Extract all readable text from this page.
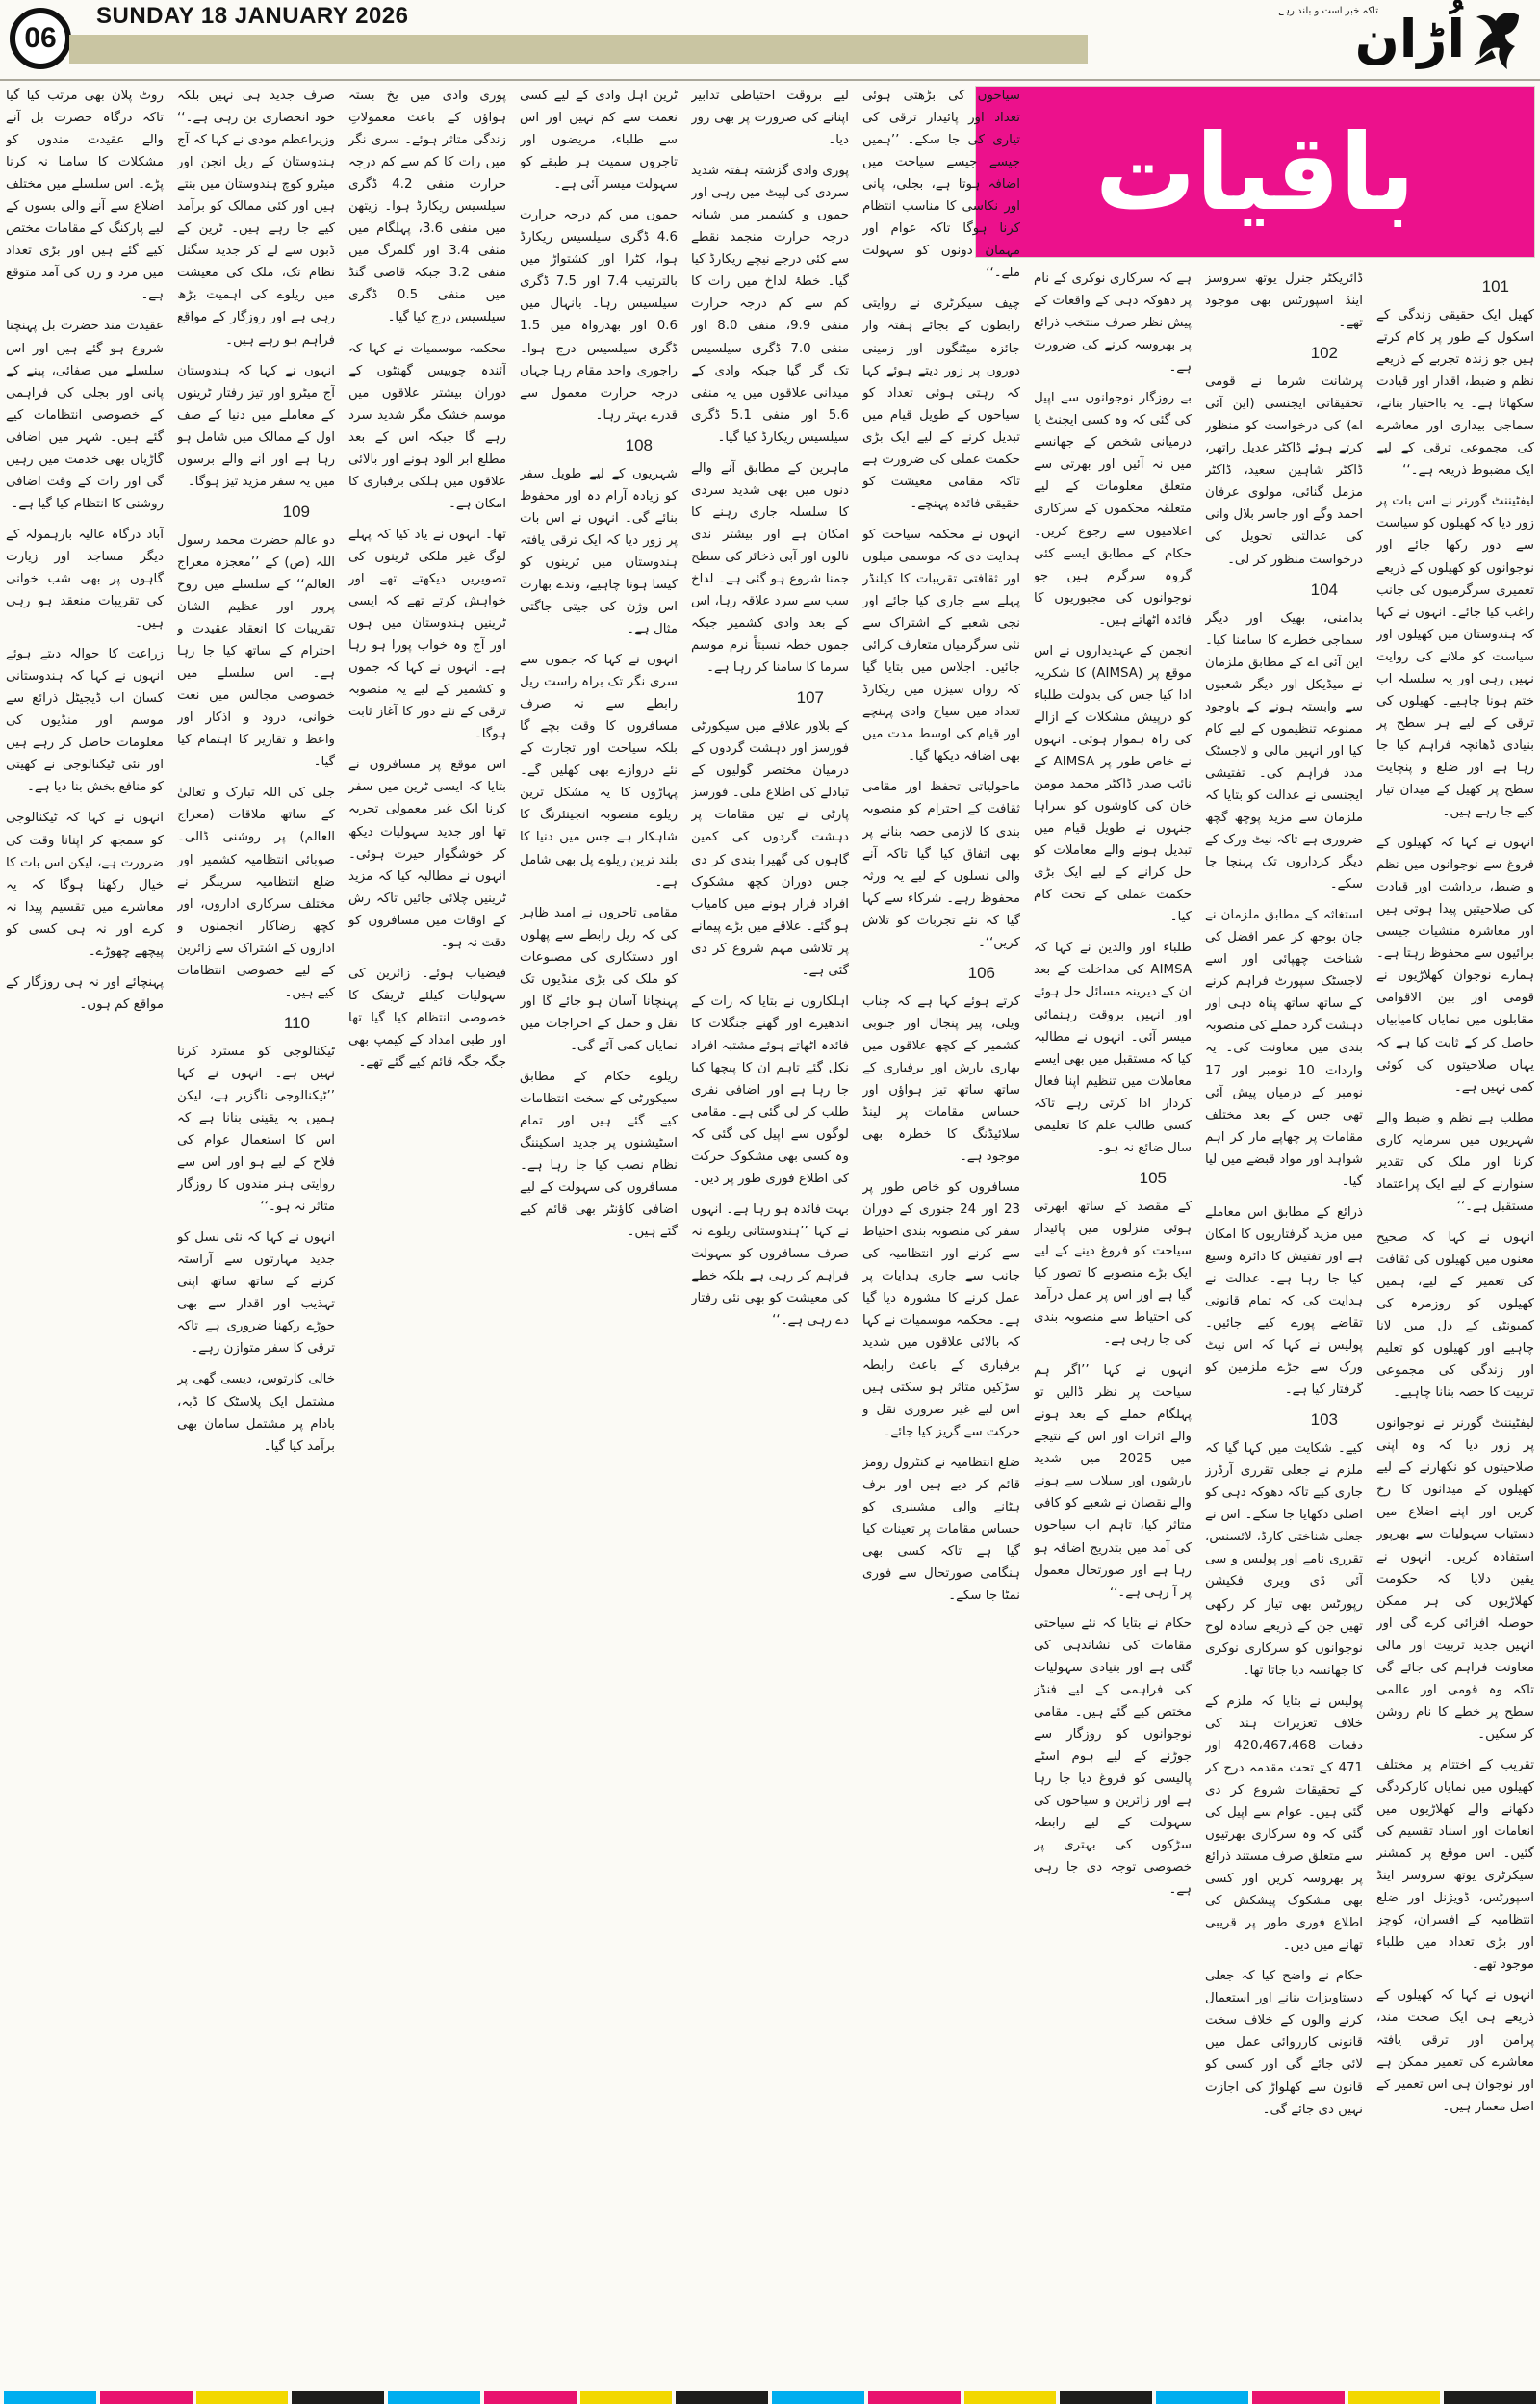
06
SUNDAY 18 JANUARY 2026	تاکہ خبر است و بلند رہے
اُڑان
باقیات
101

کھیل ایک حقیقی زندگی کے اسکول کے طور پر کام کرتے ہیں جو زندہ تجربے کے ذریعے نظم و ضبط، اقدار اور قیادت سکھاتا ہے۔ یہ بااختیار بنانے، سماجی بیداری اور معاشرے کی مجموعی ترقی کے لیے ایک مضبوط ذریعہ ہے۔‘‘

لیفٹیننٹ گورنر نے اس بات پر زور دیا کہ کھیلوں کو سیاست سے دور رکھا جائے اور نوجوانوں کو کھیلوں کے ذریعے تعمیری سرگرمیوں کی جانب راغب کیا جائے۔ انہوں نے کہا کہ ہندوستان میں کھیلوں اور سیاست کو ملانے کی روایت نہیں رہی اور یہ سلسلہ اب ختم ہونا چاہیے۔ کھیلوں کی ترقی کے لیے ہر سطح پر بنیادی ڈھانچہ فراہم کیا جا رہا ہے اور ضلع و پنچایت سطح پر کھیل کے میدان تیار کیے جا رہے ہیں۔

انہوں نے کہا کہ کھیلوں کے فروغ سے نوجوانوں میں نظم و ضبط، برداشت اور قیادت کی صلاحیتیں پیدا ہوتی ہیں اور معاشرہ منشیات جیسی برائیوں سے محفوظ رہتا ہے۔ ہمارے نوجوان کھلاڑیوں نے قومی اور بین الاقوامی مقابلوں میں نمایاں کامیابیاں حاصل کر کے ثابت کیا ہے کہ یہاں صلاحیتوں کی کوئی کمی نہیں ہے۔

مطلب ہے نظم و ضبط والے شہریوں میں سرمایہ کاری کرنا اور ملک کی تقدیر سنوارنے کے لیے ایک پراعتماد مستقبل ہے۔‘‘

انہوں نے کہا کہ صحیح معنوں میں کھیلوں کی ثقافت کی تعمیر کے لیے، ہمیں کھیلوں کو روزمرہ کی کمیونٹی کے دل میں لانا چاہیے اور کھیلوں کو تعلیم اور زندگی کی مجموعی تربیت کا حصہ بنانا چاہیے۔

لیفٹیننٹ گورنر نے نوجوانوں پر زور دیا کہ وہ اپنی صلاحیتوں کو نکھارنے کے لیے کھیلوں کے میدانوں کا رخ کریں اور اپنے اضلاع میں دستیاب سہولیات سے بھرپور استفادہ کریں۔ انہوں نے یقین دلایا کہ حکومت کھلاڑیوں کی ہر ممکن حوصلہ افزائی کرے گی اور انہیں جدید تربیت اور مالی معاونت فراہم کی جائے گی تاکہ وہ قومی اور عالمی سطح پر خطے کا نام روشن کر سکیں۔

تقریب کے اختتام پر مختلف کھیلوں میں نمایاں کارکردگی دکھانے والے کھلاڑیوں میں انعامات اور اسناد تقسیم کی گئیں۔ اس موقع پر کمشنر سیکرٹری یوتھ سروسز اینڈ اسپورٹس، ڈویژنل اور ضلع انتظامیہ کے افسران، کوچز اور بڑی تعداد میں طلباء موجود تھے۔

انہوں نے کہا کہ کھیلوں کے ذریعے ہی ایک صحت مند، پرامن اور ترقی یافتہ معاشرے کی تعمیر ممکن ہے اور نوجوان ہی اس تعمیر کے اصل معمار ہیں۔

ڈائریکٹر جنرل یوتھ سروسز اینڈ اسپورٹس بھی موجود تھے۔

102

پرشانت شرما نے قومی تحقیقاتی ایجنسی (این آئی اے) کی درخواست کو منظور کرتے ہوئے ڈاکٹر عدیل راتھر، ڈاکٹر شاہین سعید، ڈاکٹر مزمل گنائی، مولوی عرفان احمد وگے اور جاسر بلال وانی کی عدالتی تحویل کی درخواست منظور کر لی۔

104

بدامنی، بھیک اور دیگر سماجی خطرے کا سامنا کیا۔ این آئی اے کے مطابق ملزمان نے میڈیکل اور دیگر شعبوں سے وابستہ ہونے کے باوجود ممنوعہ تنظیموں کے لیے کام کیا اور انہیں مالی و لاجسٹک مدد فراہم کی۔ تفتیشی ایجنسی نے عدالت کو بتایا کہ ملزمان سے مزید پوچھ گچھ ضروری ہے تاکہ نیٹ ورک کے دیگر کرداروں تک پہنچا جا سکے۔

استغاثہ کے مطابق ملزمان نے جان بوجھ کر عمر افضل کی شناخت چھپائی اور اسے لاجسٹک سپورٹ فراہم کرنے کے ساتھ ساتھ پناہ دہی اور دہشت گرد حملے کی منصوبہ بندی میں معاونت کی۔ یہ واردات 10 نومبر اور 17 نومبر کے درمیان پیش آئی تھی جس کے بعد مختلف مقامات پر چھاپے مار کر اہم شواہد اور مواد قبضے میں لیا گیا۔

ذرائع کے مطابق اس معاملے میں مزید گرفتاریوں کا امکان ہے اور تفتیش کا دائرہ وسیع کیا جا رہا ہے۔ عدالت نے ہدایت کی کہ تمام قانونی تقاضے پورے کیے جائیں۔ پولیس نے کہا کہ اس نیٹ ورک سے جڑے ملزمین کو گرفتار کیا ہے۔

103

کیے۔ شکایت میں کہا گیا کہ ملزم نے جعلی تقرری آرڈرز جاری کیے تاکہ دھوکہ دہی کو اصلی دکھایا جا سکے۔ اس نے جعلی شناختی کارڈ، لائسنس، تقرری نامے اور پولیس و سی آئی ڈی ویری فکیشن رپورٹس بھی تیار کر رکھی تھیں جن کے ذریعے سادہ لوح نوجوانوں کو سرکاری نوکری کا جھانسہ دیا جاتا تھا۔

پولیس نے بتایا کہ ملزم کے خلاف تعزیرات ہند کی دفعات 420،467،468 اور 471 کے تحت مقدمہ درج کر کے تحقیقات شروع کر دی گئی ہیں۔ عوام سے اپیل کی گئی کہ وہ سرکاری بھرتیوں سے متعلق صرف مستند ذرائع پر بھروسہ کریں اور کسی بھی مشکوک پیشکش کی اطلاع فوری طور پر قریبی تھانے میں دیں۔

حکام نے واضح کیا کہ جعلی دستاویزات بنانے اور استعمال کرنے والوں کے خلاف سخت قانونی کارروائی عمل میں لائی جائے گی اور کسی کو قانون سے کھلواڑ کی اجازت نہیں دی جائے گی۔

ہے کہ سرکاری نوکری کے نام پر دھوکہ دہی کے واقعات کے پیش نظر صرف منتخب ذرائع پر بھروسہ کرنے کی ضرورت ہے۔

بے روزگار نوجوانوں سے اپیل کی گئی کہ وہ کسی ایجنٹ یا درمیانی شخص کے جھانسے میں نہ آئیں اور بھرتی سے متعلق معلومات کے لیے متعلقہ محکموں کے سرکاری اعلامیوں سے رجوع کریں۔ حکام کے مطابق ایسے کئی گروہ سرگرم ہیں جو نوجوانوں کی مجبوریوں کا فائدہ اٹھاتے ہیں۔

انجمن کے عہدیداروں نے اس موقع پر (AIMSA) کا شکریہ ادا کیا جس کی بدولت طلباء کو درپیش مشکلات کے ازالے کی راہ ہموار ہوئی۔ انہوں نے خاص طور پر AIMSA کے نائب صدر ڈاکٹر محمد مومن خان کی کاوشوں کو سراہا جنہوں نے طویل قیام میں تبدیل ہونے والے معاملات کو حل کرانے کے لیے ایک بڑی حکمت عملی کے تحت کام کیا۔

طلباء اور والدین نے کہا کہ AIMSA کی مداخلت کے بعد ان کے دیرینہ مسائل حل ہوئے اور انہیں بروقت رہنمائی میسر آئی۔ انہوں نے مطالبہ کیا کہ مستقبل میں بھی ایسے معاملات میں تنظیم اپنا فعال کردار ادا کرتی رہے تاکہ کسی طالب علم کا تعلیمی سال ضائع نہ ہو۔

105

کے مقصد کے ساتھ ابھرتی ہوئی منزلوں میں پائیدار سیاحت کو فروغ دینے کے لیے ایک بڑے منصوبے کا تصور کیا گیا ہے اور اس پر عمل درآمد کی احتیاط سے منصوبہ بندی کی جا رہی ہے۔

انہوں نے کہا ’’اگر ہم سیاحت پر نظر ڈالیں تو پہلگام حملے کے بعد ہونے والے اثرات اور اس کے نتیجے میں 2025 میں شدید بارشوں اور سیلاب سے ہونے والے نقصان نے شعبے کو کافی متاثر کیا، تاہم اب سیاحوں کی آمد میں بتدریج اضافہ ہو رہا ہے اور صورتحال معمول پر آ رہی ہے۔‘‘

حکام نے بتایا کہ نئے سیاحتی مقامات کی نشاندہی کی گئی ہے اور بنیادی سہولیات کی فراہمی کے لیے فنڈز مختص کیے گئے ہیں۔ مقامی نوجوانوں کو روزگار سے جوڑنے کے لیے ہوم اسٹے پالیسی کو فروغ دیا جا رہا ہے اور زائرین و سیاحوں کی سہولت کے لیے رابطہ سڑکوں کی بہتری پر خصوصی توجہ دی جا رہی ہے۔

سیاحوں کی بڑھتی ہوئی تعداد اور پائیدار ترقی کی تیاری کی جا سکے۔ ’’ہمیں جیسے جیسے سیاحت میں اضافہ ہوتا ہے، بجلی، پانی اور نکاسی کا مناسب انتظام کرنا ہوگا تاکہ عوام اور مہمان دونوں کو سہولت ملے۔‘‘

چیف سیکرٹری نے روایتی رابطوں کے بجائے ہفتہ وار جائزہ میٹنگوں اور زمینی دوروں پر زور دیتے ہوئے کہا کہ رہتی ہوئی تعداد کو سیاحوں کے طویل قیام میں تبدیل کرنے کے لیے ایک بڑی حکمت عملی کی ضرورت ہے تاکہ مقامی معیشت کو حقیقی فائدہ پہنچے۔

انہوں نے محکمہ سیاحت کو ہدایت دی کہ موسمی میلوں اور ثقافتی تقریبات کا کیلنڈر پہلے سے جاری کیا جائے اور نجی شعبے کے اشتراک سے نئی سرگرمیاں متعارف کرائی جائیں۔ اجلاس میں بتایا گیا کہ رواں سیزن میں ریکارڈ تعداد میں سیاح وادی پہنچے اور قیام کی اوسط مدت میں بھی اضافہ دیکھا گیا۔

ماحولیاتی تحفظ اور مقامی ثقافت کے احترام کو منصوبہ بندی کا لازمی حصہ بنانے پر بھی اتفاق کیا گیا تاکہ آنے والی نسلوں کے لیے یہ ورثہ محفوظ رہے۔ شرکاء سے کہا گیا کہ نئے تجربات کو تلاش کریں‘‘۔

106

کرتے ہوئے کہا ہے کہ چناب ویلی، پیر پنجال اور جنوبی کشمیر کے کچھ علاقوں میں بھاری بارش اور برفباری کے ساتھ ساتھ تیز ہواؤں اور حساس مقامات پر لینڈ سلائیڈنگ کا خطرہ بھی موجود ہے۔

مسافروں کو خاص طور پر 23 اور 24 جنوری کے دوران سفر کی منصوبہ بندی احتیاط سے کرنے اور انتظامیہ کی جانب سے جاری ہدایات پر عمل کرنے کا مشورہ دیا گیا ہے۔ محکمہ موسمیات نے کہا کہ بالائی علاقوں میں شدید برفباری کے باعث رابطہ سڑکیں متاثر ہو سکتی ہیں اس لیے غیر ضروری نقل و حرکت سے گریز کیا جائے۔

ضلع انتظامیہ نے کنٹرول رومز قائم کر دیے ہیں اور برف ہٹانے والی مشینری کو حساس مقامات پر تعینات کیا گیا ہے تاکہ کسی بھی ہنگامی صورتحال سے فوری نمٹا جا سکے۔

لیے بروقت احتیاطی تدابیر اپنانے کی ضرورت پر بھی زور دیا۔

پوری وادی گزشتہ ہفتہ شدید سردی کی لپیٹ میں رہی اور جموں و کشمیر میں شبانہ درجہ حرارت منجمد نقطے سے کئی درجے نیچے ریکارڈ کیا گیا۔ خطۂ لداخ میں رات کا کم سے کم درجہ حرارت منفی 9.9، منفی 8.0 اور منفی 7.0 ڈگری سیلسیس تک گر گیا جبکہ وادی کے میدانی علاقوں میں یہ منفی 5.6 اور منفی 5.1 ڈگری سیلسیس ریکارڈ کیا گیا۔

ماہرین کے مطابق آنے والے دنوں میں بھی شدید سردی کا سلسلہ جاری رہنے کا امکان ہے اور بیشتر ندی نالوں اور آبی ذخائر کی سطح جمنا شروع ہو گئی ہے۔ لداخ سب سے سرد علاقہ رہا، اس کے بعد وادی کشمیر جبکہ جموں خطہ نسبتاً نرم موسم سرما کا سامنا کر رہا ہے۔

107

کے بلاور علاقے میں سیکورٹی فورسز اور دہشت گردوں کے درمیان مختصر گولیوں کے تبادلے کی اطلاع ملی۔ فورسز پارٹی نے تین مقامات پر دہشت گردوں کی کمین گاہوں کی گھیرا بندی کر دی جس دوران کچھ مشکوک افراد فرار ہونے میں کامیاب ہو گئے۔ علاقے میں بڑے پیمانے پر تلاشی مہم شروع کر دی گئی ہے۔

اہلکاروں نے بتایا کہ رات کے اندھیرے اور گھنے جنگلات کا فائدہ اٹھاتے ہوئے مشتبہ افراد نکل گئے تاہم ان کا پیچھا کیا جا رہا ہے اور اضافی نفری طلب کر لی گئی ہے۔ مقامی لوگوں سے اپیل کی گئی کہ وہ کسی بھی مشکوک حرکت کی اطلاع فوری طور پر دیں۔

بہت فائدہ ہو رہا ہے۔ انہوں نے کہا ’’ہندوستانی ریلوے نہ صرف مسافروں کو سہولت فراہم کر رہی ہے بلکہ خطے کی معیشت کو بھی نئی رفتار دے رہی ہے۔‘‘

ٹرین اہل وادی کے لیے کسی نعمت سے کم نہیں اور اس سے طلباء، مریضوں اور تاجروں سمیت ہر طبقے کو سہولت میسر آئی ہے۔

جموں میں کم درجہ حرارت 4.6 ڈگری سیلسیس ریکارڈ ہوا، کٹرا اور کشتواڑ میں بالترتیب 7.4 اور 7.5 ڈگری سیلسیس رہا۔ بانہال میں 0.6 اور بھدرواہ میں 1.5 ڈگری سیلسیس درج ہوا۔ راجوری واحد مقام رہا جہاں درجہ حرارت معمول سے قدرے بہتر رہا۔

108

شہریوں کے لیے طویل سفر کو زیادہ آرام دہ اور محفوظ بنائے گی۔ انہوں نے اس بات پر زور دیا کہ ایک ترقی یافتہ ہندوستان میں ٹرینوں کو کیسا ہونا چاہیے، وندے بھارت اس وژن کی جیتی جاگتی مثال ہے۔

انہوں نے کہا کہ جموں سے سری نگر تک براہ راست ریل رابطے سے نہ صرف مسافروں کا وقت بچے گا بلکہ سیاحت اور تجارت کے نئے دروازے بھی کھلیں گے۔ پہاڑوں کا یہ مشکل ترین ریلوے منصوبہ انجینئرنگ کا شاہکار ہے جس میں دنیا کا بلند ترین ریلوے پل بھی شامل ہے۔

مقامی تاجروں نے امید ظاہر کی کہ ریل رابطے سے پھلوں اور دستکاری کی مصنوعات کو ملک کی بڑی منڈیوں تک پہنچانا آسان ہو جائے گا اور نقل و حمل کے اخراجات میں نمایاں کمی آئے گی۔

ریلوے حکام کے مطابق سیکورٹی کے سخت انتظامات کیے گئے ہیں اور تمام اسٹیشنوں پر جدید اسکیننگ نظام نصب کیا جا رہا ہے۔ مسافروں کی سہولت کے لیے اضافی کاؤنٹر بھی قائم کیے گئے ہیں۔

پوری وادی میں یخ بستہ ہواؤں کے باعث معمولاتِ زندگی متاثر ہوئے۔ سری نگر میں رات کا کم سے کم درجہ حرارت منفی 4.2 ڈگری سیلسیس ریکارڈ ہوا۔ زیتھن میں منفی 3.6، پہلگام میں منفی 3.4 اور گلمرگ میں منفی 3.2 جبکہ قاضی گنڈ میں منفی 0.5 ڈگری سیلسیس درج کیا گیا۔

محکمہ موسمیات نے کہا کہ آئندہ چوبیس گھنٹوں کے دوران بیشتر علاقوں میں موسم خشک مگر شدید سرد رہے گا جبکہ اس کے بعد مطلع ابر آلود ہونے اور بالائی علاقوں میں ہلکی برفباری کا امکان ہے۔

تھا۔ انہوں نے یاد کیا کہ پہلے لوگ غیر ملکی ٹرینوں کی تصویریں دیکھتے تھے اور خواہش کرتے تھے کہ ایسی ٹرینیں ہندوستان میں ہوں اور آج وہ خواب پورا ہو رہا ہے۔ انہوں نے کہا کہ جموں و کشمیر کے لیے یہ منصوبہ ترقی کے نئے دور کا آغاز ثابت ہوگا۔

اس موقع پر مسافروں نے بتایا کہ ایسی ٹرین میں سفر کرنا ایک غیر معمولی تجربہ تھا اور جدید سہولیات دیکھ کر خوشگوار حیرت ہوئی۔ انہوں نے مطالبہ کیا کہ مزید ٹرینیں چلائی جائیں تاکہ رش کے اوقات میں مسافروں کو دقت نہ ہو۔

فیضیاب ہوئے۔ زائرین کی سہولیات کیلئے ٹریفک کا خصوصی انتظام کیا گیا تھا اور طبی امداد کے کیمپ بھی جگہ جگہ قائم کیے گئے تھے۔

صرف جدید ہی نہیں بلکہ خود انحصاری بن رہی ہے۔‘‘ وزیراعظم مودی نے کہا کہ آج ہندوستان کے ریل انجن اور میٹرو کوچ ہندوستان میں بنتے ہیں اور کئی ممالک کو برآمد کیے جا رہے ہیں۔ ٹرین کے ڈبوں سے لے کر جدید سگنل نظام تک، ملک کی معیشت میں ریلوے کی اہمیت بڑھ رہی ہے اور روزگار کے مواقع فراہم ہو رہے ہیں۔

انہوں نے کہا کہ ہندوستان آج میٹرو اور تیز رفتار ٹرینوں کے معاملے میں دنیا کے صف اول کے ممالک میں شامل ہو رہا ہے اور آنے والے برسوں میں یہ سفر مزید تیز ہوگا۔

109

دو عالم حضرت محمد رسول اللہ (ص) کے ’’معجزہ معراج العالم‘‘ کے سلسلے میں روح پرور اور عظیم الشان تقریبات کا انعقاد عقیدت و احترام کے ساتھ کیا جا رہا ہے۔ اس سلسلے میں خصوصی مجالس میں نعت خوانی، درود و اذکار اور واعظ و تقاریر کا اہتمام کیا گیا۔

جلی کی اللہ تبارک و تعالیٰ کے ساتھ ملاقات (معراج العالم) پر روشنی ڈالی۔ صوبائی انتظامیہ کشمیر اور ضلع انتظامیہ سرینگر نے مختلف سرکاری اداروں، اور کچھ رضاکار انجمنوں و اداروں کے اشتراک سے زائرین کے لیے خصوصی انتظامات کیے ہیں۔

110

ٹیکنالوجی کو مسترد کرنا نہیں ہے۔ انہوں نے کہا ’’ٹیکنالوجی ناگزیر ہے، لیکن ہمیں یہ یقینی بنانا ہے کہ اس کا استعمال عوام کی فلاح کے لیے ہو اور اس سے روایتی ہنر مندوں کا روزگار متاثر نہ ہو۔‘‘

انہوں نے کہا کہ نئی نسل کو جدید مہارتوں سے آراستہ کرنے کے ساتھ ساتھ اپنی تہذیب اور اقدار سے بھی جوڑے رکھنا ضروری ہے تاکہ ترقی کا سفر متوازن رہے۔

خالی کارتوس، دیسی گھی پر مشتمل ایک پلاسٹک کا ڈبہ، بادام پر مشتمل سامان بھی برآمد کیا گیا۔

روٹ پلان بھی مرتب کیا گیا تاکہ درگاہ حضرت بل آنے والے عقیدت مندوں کو مشکلات کا سامنا نہ کرنا پڑے۔ اس سلسلے میں مختلف اضلاع سے آنے والی بسوں کے لیے پارکنگ کے مقامات مختص کیے گئے ہیں اور بڑی تعداد میں مرد و زن کی آمد متوقع ہے۔

عقیدت مند حضرت بل پہنچنا شروع ہو گئے ہیں اور اس سلسلے میں صفائی، پینے کے پانی اور بجلی کی فراہمی کے خصوصی انتظامات کیے گئے ہیں۔ شہر میں اضافی گاڑیاں بھی خدمت میں رہیں گی اور رات کے وقت اضافی روشنی کا انتظام کیا گیا ہے۔

آباد درگاہ عالیہ بارہمولہ کے دیگر مساجد اور زیارت گاہوں پر بھی شب خوانی کی تقریبات منعقد ہو رہی ہیں۔

زراعت کا حوالہ دیتے ہوئے انہوں نے کہا کہ ہندوستانی کسان اب ڈیجیٹل ذرائع سے موسم اور منڈیوں کی معلومات حاصل کر رہے ہیں اور نئی ٹیکنالوجی نے کھیتی کو منافع بخش بنا دیا ہے۔

انہوں نے کہا کہ ٹیکنالوجی کو سمجھ کر اپنانا وقت کی ضرورت ہے، لیکن اس بات کا خیال رکھنا ہوگا کہ یہ معاشرے میں تقسیم پیدا نہ کرے اور نہ ہی کسی کو پیچھے چھوڑے۔

پہنچائے اور نہ ہی روزگار کے مواقع کم ہوں۔
